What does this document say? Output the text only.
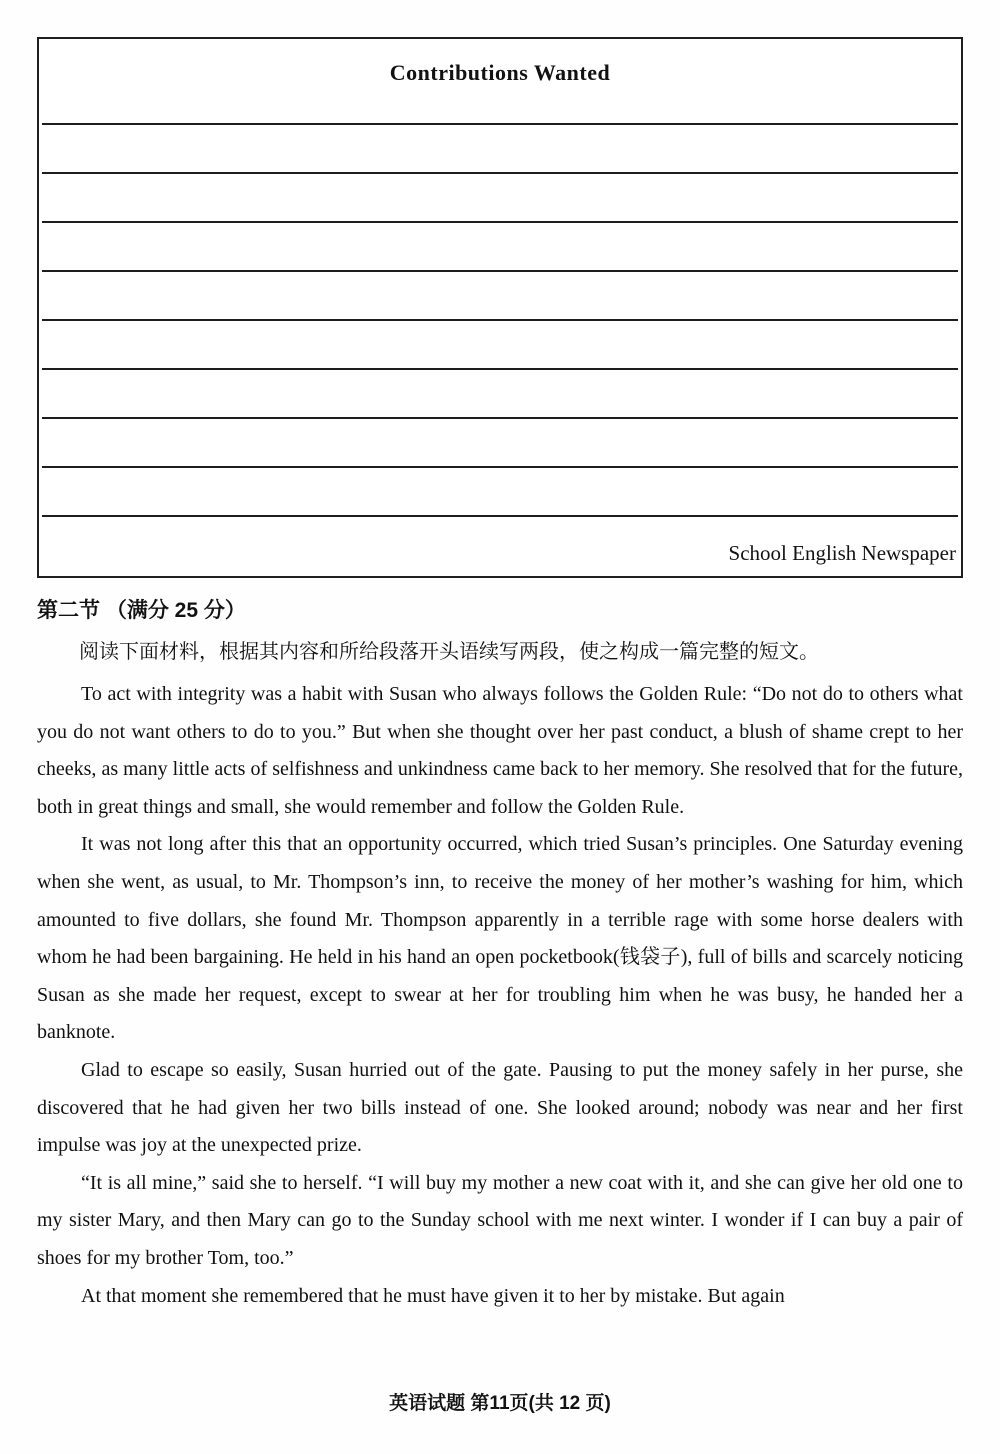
Contributions Wanted
School English Newspaper
第二节 （满分 25 分）
阅读下面材料，根据其内容和所给段落开头语续写两段，使之构成一篇完整的短文。

To act with integrity was a habit with Susan who always follows the Golden Rule: “Do not do to others what you do not want others to do to you.” But when she thought over her past conduct, a blush of shame crept to her cheeks, as many little acts of selfishness and unkindness came back to her memory. She resolved that for the future, both in great things and small, she would remember and follow the Golden Rule.

It was not long after this that an opportunity occurred, which tried Susan’s principles. One Saturday evening when she went, as usual, to Mr. Thompson’s inn, to receive the money of her mother’s washing for him, which amounted to five dollars, she found Mr. Thompson apparently in a terrible rage with some horse dealers with whom he had been bargaining. He held in his hand an open pocketbook(钱袋子), full of bills and scarcely noticing Susan as she made her request, except to swear at her for troubling him when he was busy, he handed her a banknote.

Glad to escape so easily, Susan hurried out of the gate. Pausing to put the money safely in her purse, she discovered that he had given her two bills instead of one. She looked around; nobody was near and her first impulse was joy at the unexpected prize.

“It is all mine,” said she to herself. “I will buy my mother a new coat with it, and she can give her old one to my sister Mary, and then Mary can go to the Sunday school with me next winter. I wonder if I can buy a pair of shoes for my brother Tom, too.”

At that moment she remembered that he must have given it to her by mistake. But again

英语试题 第11页(共 12 页)
